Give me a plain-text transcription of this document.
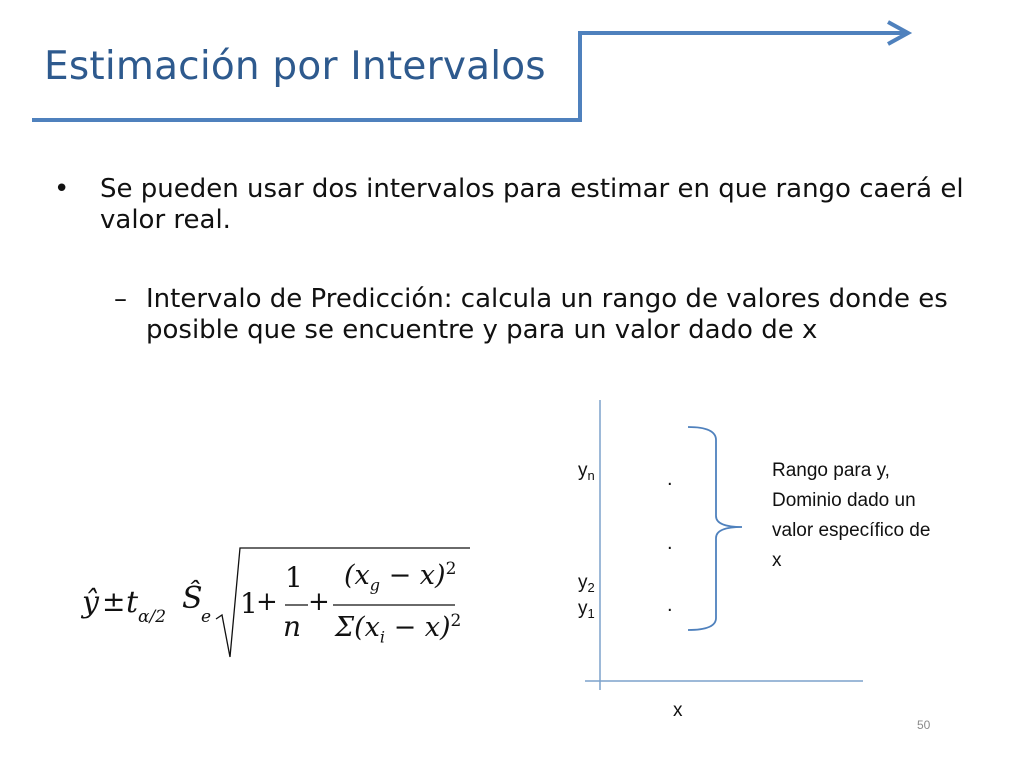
Estimación por Intervalos
• Se pueden usar dos intervalos para estimar en que rango caerá el valor real.
– Intervalo de Predicción: calcula un rango de valores donde es posible que se encuentre y para un valor dado de x
ŷ ± t α/2
Ŝ
e 1
+
1
n
+
$(x_g - x)^2$
$\Sigma(x_i - x)^2$
$y_n$
$y_2$
$y_1$
x
.
.
.
Rango para y, Dominio dado un valor específico de x
50
